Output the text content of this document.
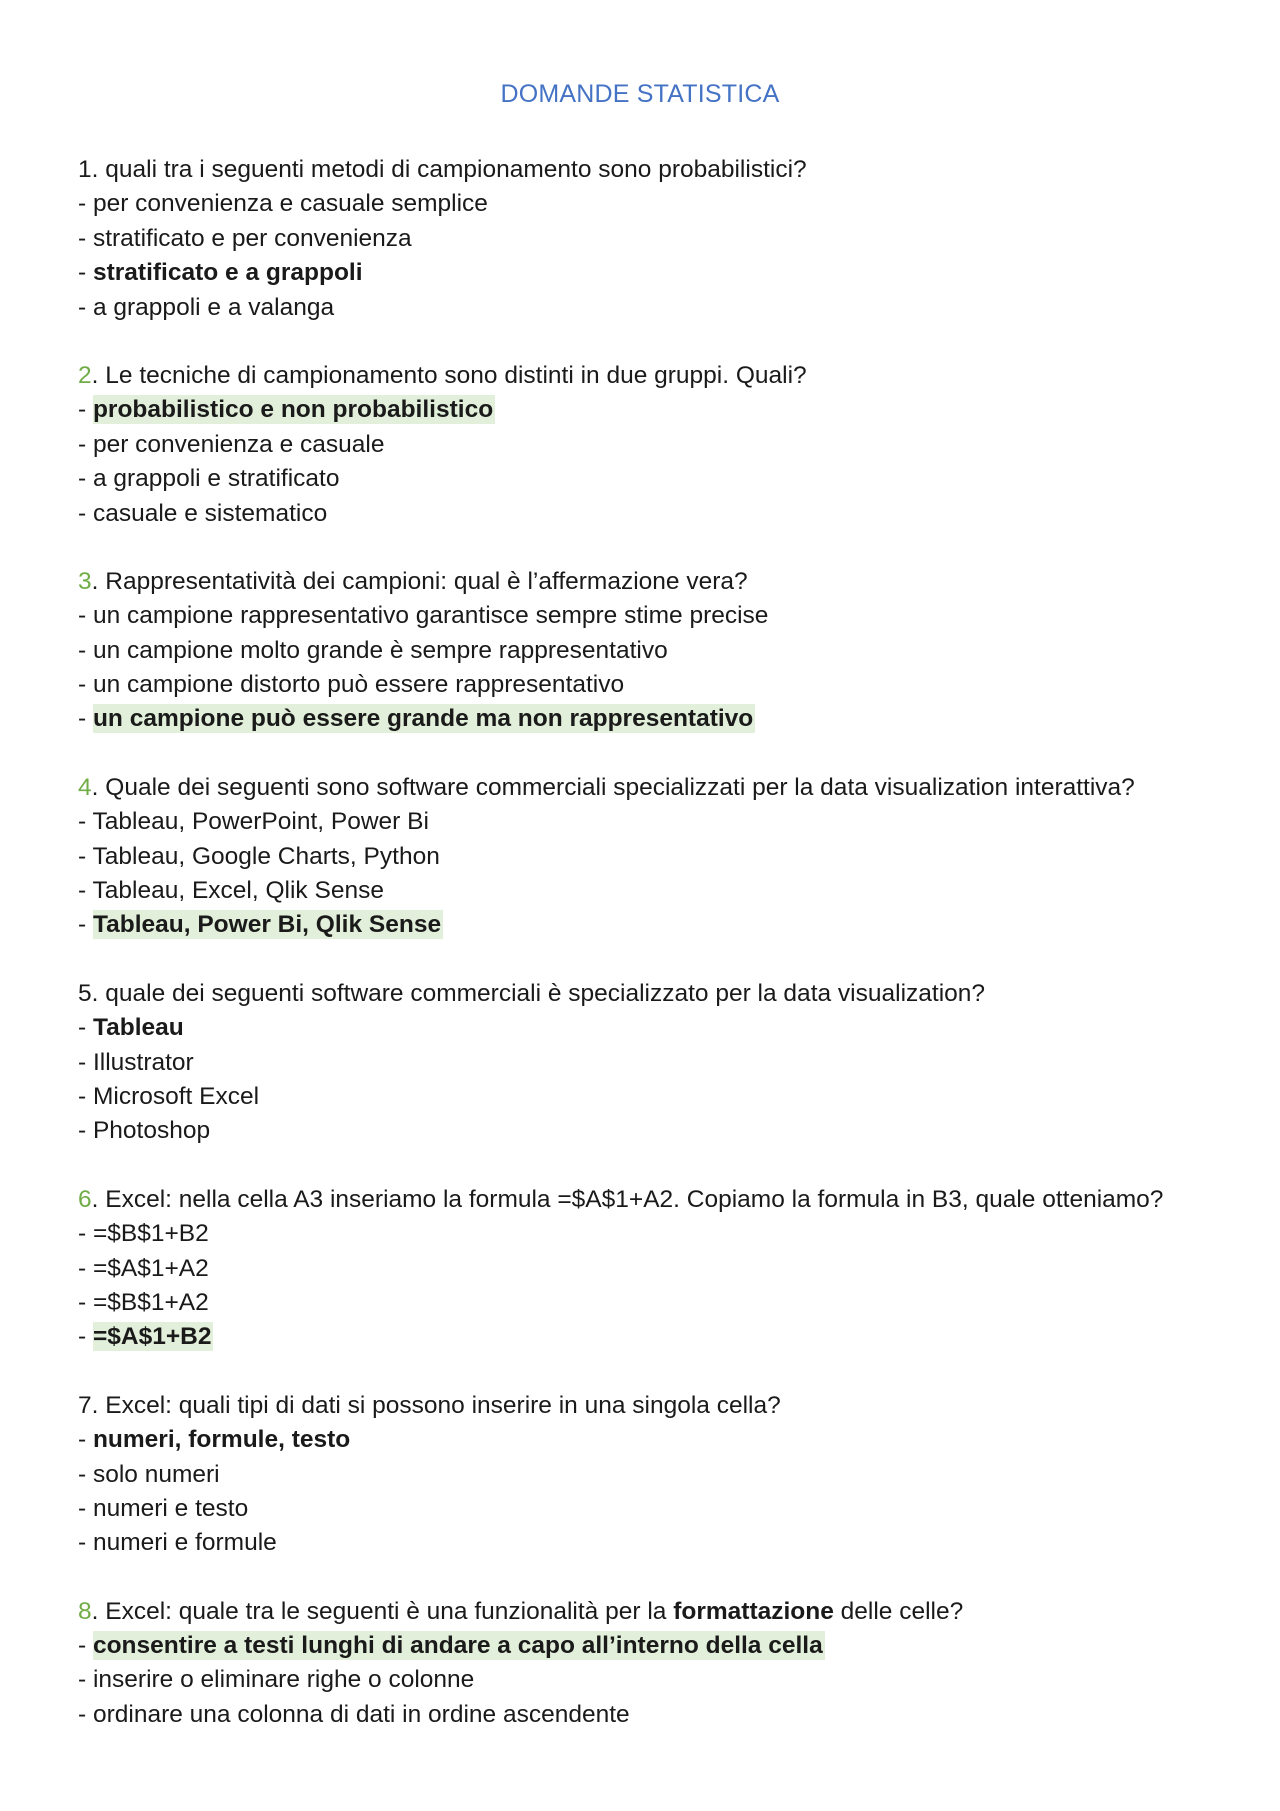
DOMANDE STATISTICA
1. quali tra i seguenti metodi di campionamento sono probabilistici?
- per convenienza e casuale semplice
- stratificato e per convenienza
- stratificato e a grappoli
- a grappoli e a valanga
2. Le tecniche di campionamento sono distinti in due gruppi. Quali?
- probabilistico e non probabilistico
- per convenienza e casuale
- a grappoli e stratificato
- casuale e sistematico
3. Rappresentatività dei campioni: qual è l’affermazione vera?
- un campione rappresentativo garantisce sempre stime precise
- un campione molto grande è sempre rappresentativo
- un campione distorto può essere rappresentativo
- un campione può essere grande ma non rappresentativo
4. Quale dei seguenti sono software commerciali specializzati per la data visualization interattiva?
- Tableau, PowerPoint, Power Bi
- Tableau, Google Charts, Python
- Tableau, Excel, Qlik Sense
- Tableau, Power Bi, Qlik Sense
5. quale dei seguenti software commerciali è specializzato per la data visualization?
- Tableau
- Illustrator
- Microsoft Excel
- Photoshop
6. Excel: nella cella A3 inseriamo la formula =$A$1+A2. Copiamo la formula in B3, quale otteniamo?
- =$B$1+B2
- =$A$1+A2
- =$B$1+A2
- =$A$1+B2
7. Excel: quali tipi di dati si possono inserire in una singola cella?
- numeri, formule, testo
- solo numeri
- numeri e testo
- numeri e formule
8. Excel: quale tra le seguenti è una funzionalità per la formattazione delle celle?
- consentire a testi lunghi di andare a capo all’interno della cella
- inserire o eliminare righe o colonne
- ordinare una colonna di dati in ordine ascendente
